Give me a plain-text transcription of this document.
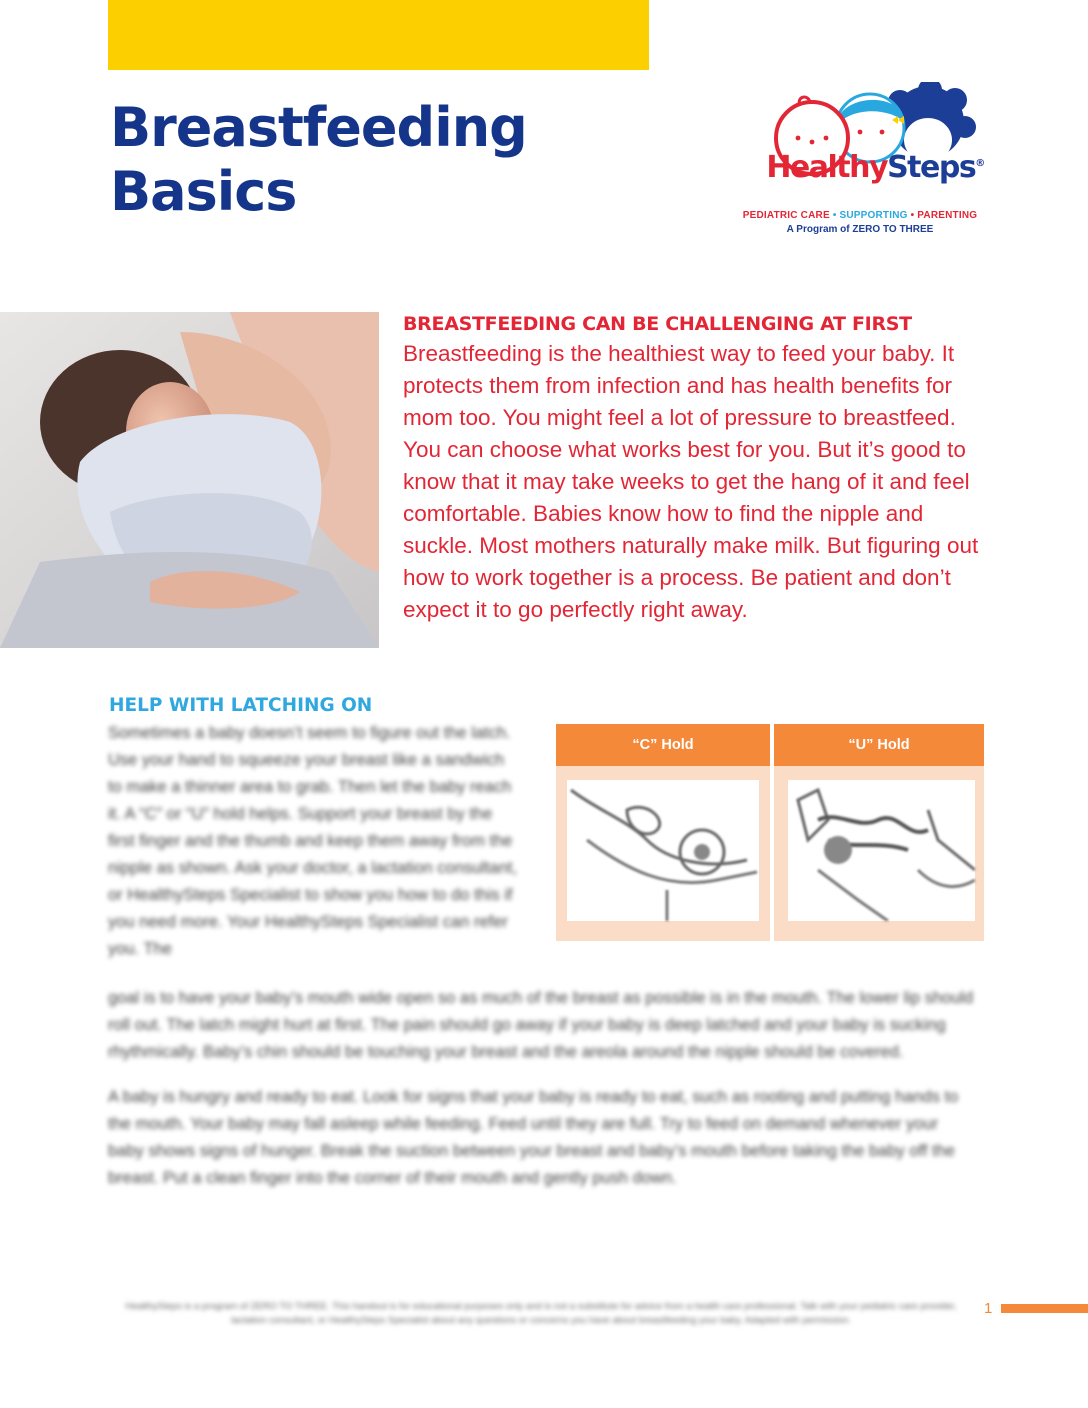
Breastfeeding
Basics	HealthySteps®
PEDIATRIC CARE • SUPPORTING • PARENTING
A Program of ZERO TO THREE
BREASTFEEDING CAN BE CHALLENGING AT FIRST

Breastfeeding is the healthiest way to feed your baby. It protects them from infection and has health benefits for mom too. You might feel a lot of pressure to breastfeed. You can choose what works best for you. But it’s good to know that it may take weeks to get the hang of it and feel comfortable. Babies know how to find the nipple and suckle. Most mothers naturally make milk. But figuring out how to work together is a process. Be patient and don’t expect it to go perfectly right away.

HELP WITH LATCHING ON

Sometimes a baby doesn’t seem to figure out the latch. Use your hand to squeeze your breast like a sandwich to make a thinner area to grab. Then let the baby reach it. A “C” or “U” hold helps. Support your breast by the first finger and the thumb and keep them away from the nipple as shown. Ask your doctor, a lactation consultant, or HealthySteps Specialist to show you how to do this if you need more. Your HealthySteps Specialist can refer you. The

“C” Hold	“U” Hold

goal is to have your baby’s mouth wide open so as much of the breast as possible is in the mouth. The lower lip should roll out. The latch might hurt at first. The pain should go away if your baby is deep latched and your baby is sucking rhythmically. Baby’s chin should be touching your breast and the areola around the nipple should be covered.

A baby is hungry and ready to eat. Look for signs that your baby is ready to eat, such as rooting and putting hands to the mouth. Your baby may fall asleep while feeding. Feed until they are full. Try to feed on demand whenever your baby shows signs of hunger. Break the suction between your breast and baby’s mouth before taking the baby off the breast. Put a clean finger into the corner of their mouth and gently push down.

HealthySteps is a program of ZERO TO THREE. This handout is for educational purposes only and is not a substitute for advice from a health care professional. Talk with your pediatric care provider, lactation consultant, or HealthySteps Specialist about any questions or concerns you have about breastfeeding your baby. Adapted with permission.

1
